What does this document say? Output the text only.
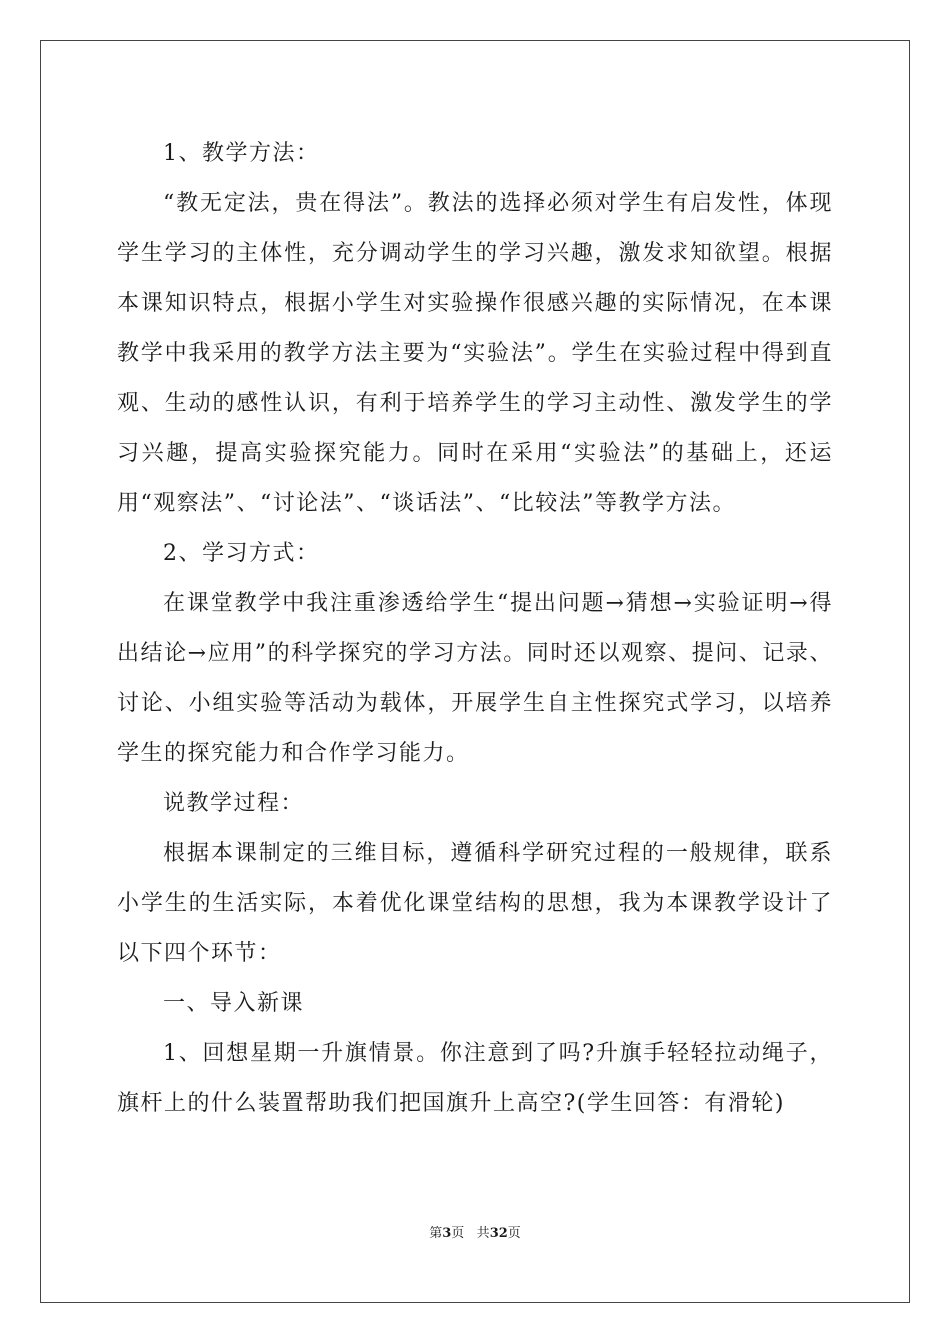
1、教学方法：

“教无定法，贵在得法”。教法的选择必须对学生有启发性，体现学生学习的主体性，充分调动学生的学习兴趣，激发求知欲望。根据本课知识特点，根据小学生对实验操作很感兴趣的实际情况，在本课教学中我采用的教学方法主要为“实验法”。学生在实验过程中得到直观、生动的感性认识，有利于培养学生的学习主动性、激发学生的学习兴趣，提高实验探究能力。同时在采用“实验法”的基础上，还运用“观察法”、“讨论法”、“谈话法”、“比较法”等教学方法。

2、学习方式：

在课堂教学中我注重渗透给学生“提出问题→猜想→实验证明→得出结论→应用”的科学探究的学习方法。同时还以观察、提问、记录、讨论、小组实验等活动为载体，开展学生自主性探究式学习，以培养学生的探究能力和合作学习能力。

说教学过程：

根据本课制定的三维目标，遵循科学研究过程的一般规律，联系小学生的生活实际，本着优化课堂结构的思想，我为本课教学设计了以下四个环节：

一、导入新课

1、回想星期一升旗情景。你注意到了吗?升旗手轻轻拉动绳子，旗杆上的什么装置帮助我们把国旗升上高空?(学生回答：有滑轮)

第3页 共32页
